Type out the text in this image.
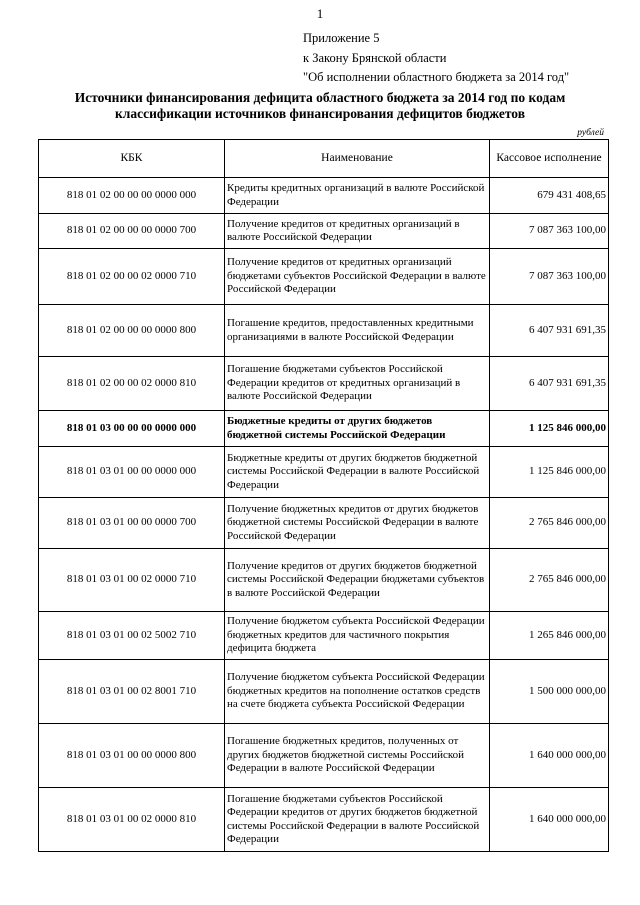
1
Приложение 5
к Закону Брянской области
"Об исполнении областного бюджета за 2014 год"
Источники финансирования дефицита областного бюджета за 2014 год по кодам
классификации источников финансирования дефицитов бюджетов
рублей
КБК	Наименование	Кассовое исполнение
818 01 02 00 00 00 0000 000	Кредиты кредитных организаций в валюте Российской Федерации	679 431 408,65
818 01 02 00 00 00 0000 700	Получение кредитов от кредитных организаций в валюте Российской Федерации	7 087 363 100,00
818 01 02 00 00 02 0000 710	Получение кредитов от кредитных организаций бюджетами субъектов Российской Федерации в валюте Российской Федерации	7 087 363 100,00
818 01 02 00 00 00 0000 800	Погашение кредитов, предоставленных кредитными организациями в валюте Российской Федерации	6 407 931 691,35
818 01 02 00 00 02 0000 810	Погашение бюджетами субъектов Российской Федерации кредитов от кредитных организаций в валюте Российской Федерации	6 407 931 691,35
818 01 03 00 00 00 0000 000	Бюджетные кредиты от других бюджетов бюджетной системы Российской Федерации	1 125 846 000,00
818 01 03 01 00 00 0000 000	Бюджетные кредиты от других бюджетов бюджетной системы Российской Федерации в валюте Российской Федерации	1 125 846 000,00
818 01 03 01 00 00 0000 700	Получение бюджетных кредитов от других бюджетов бюджетной системы Российской Федерации в валюте Российской Федерации	2 765 846 000,00
818 01 03 01 00 02 0000 710	Получение кредитов от других бюджетов бюджетной системы Российской Федерации бюджетами субъектов в валюте Российской Федерации	2 765 846 000,00
818 01 03 01 00 02 5002 710	Получение бюджетом субъекта Российской Федерации бюджетных кредитов для частичного покрытия дефицита бюджета	1 265 846 000,00
818 01 03 01 00 02 8001 710	Получение бюджетом субъекта Российской Федерации бюджетных кредитов на пополнение остатков средств на счете бюджета субъекта Российской Федерации	1 500 000 000,00
818 01 03 01 00 00 0000 800	Погашение бюджетных кредитов, полученных от других бюджетов бюджетной системы Российской Федерации в валюте Российской Федерации	1 640 000 000,00
818 01 03 01 00 02 0000 810	Погашение бюджетами субъектов Российской Федерации кредитов от других бюджетов бюджетной системы Российской Федерации в валюте Российской Федерации	1 640 000 000,00
